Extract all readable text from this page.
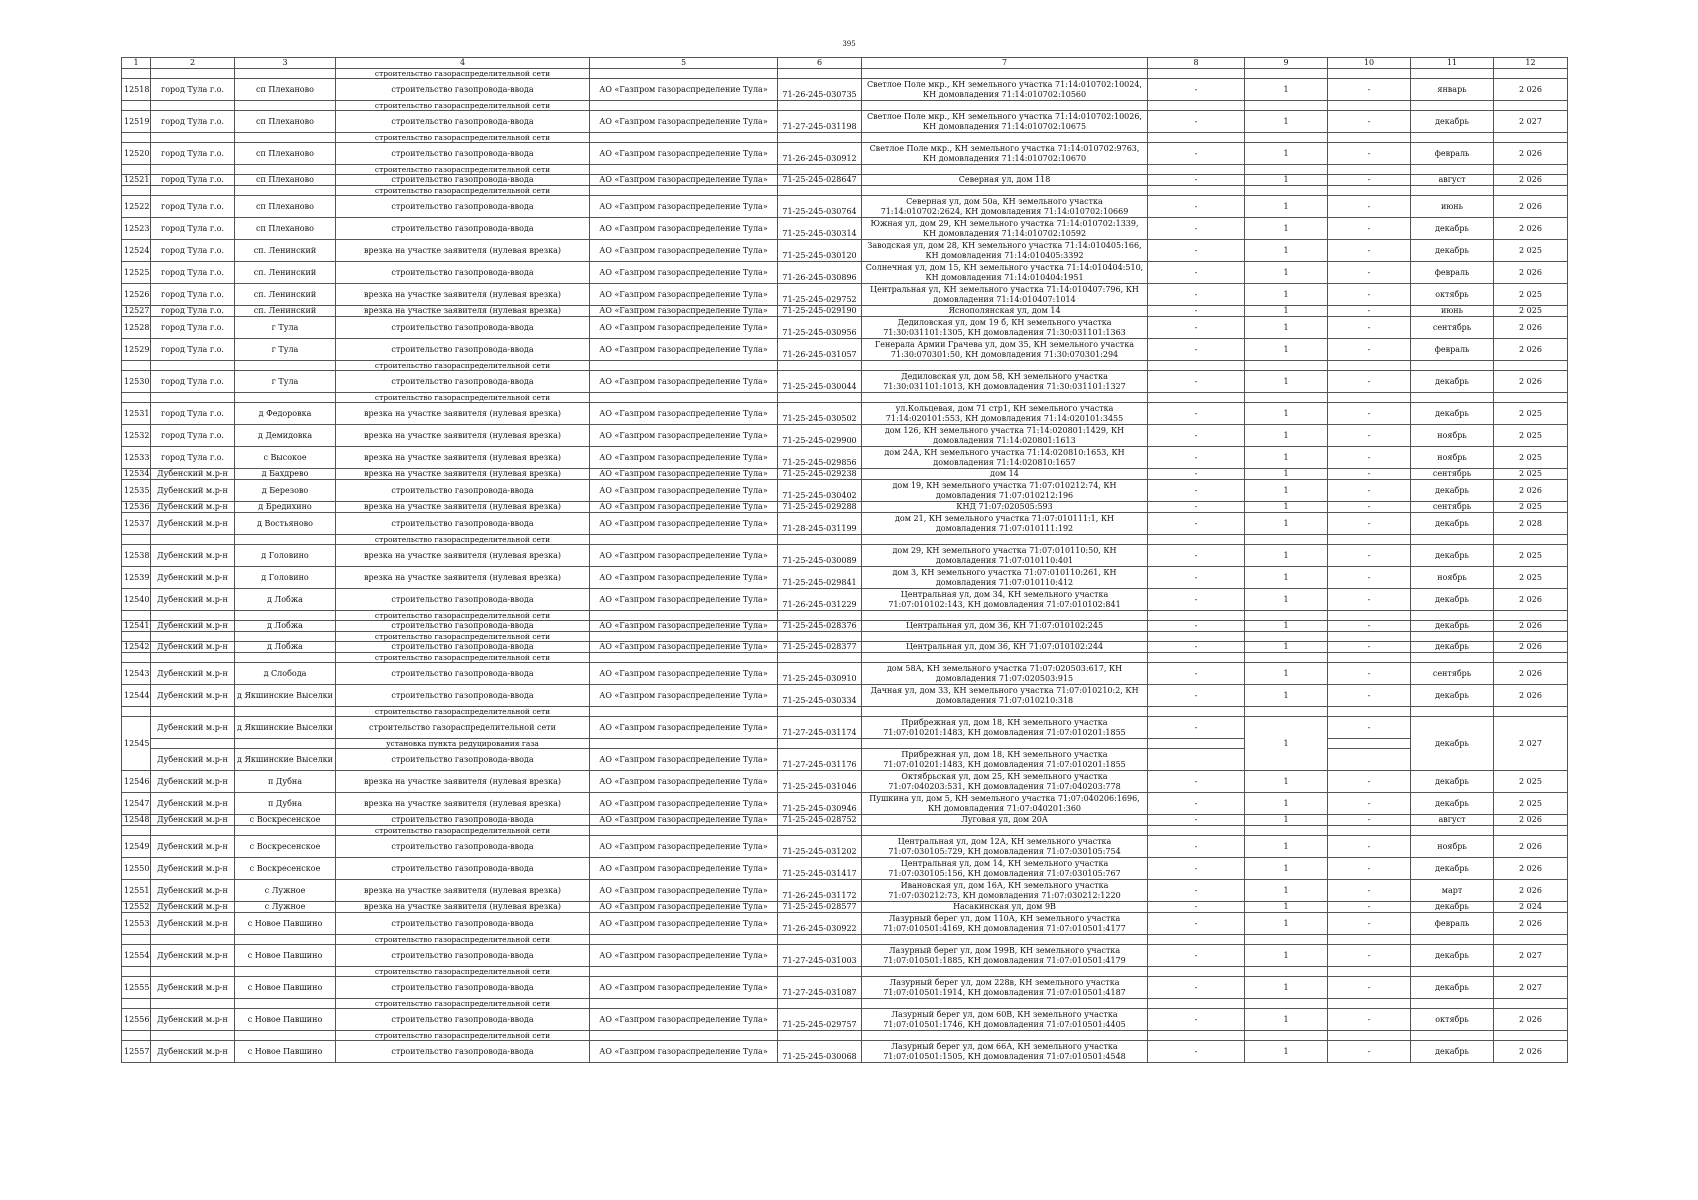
395
1	2	3	4	5	6	7	8	9	10	11	12
			строительство газораспределительной сети								
12518	город Тула г.о.	сп Плеханово	строительство газопровода-ввода	АО «Газпром газораспределение Тула»	71-26-245-030735	Светлое Поле мкр., КН земельного участка 71:14:010702:10024, КН домовладения 71:14:010702:10560	-	1	-	январь	2 026
			строительство газораспределительной сети								
12519	город Тула г.о.	сп Плеханово	строительство газопровода-ввода	АО «Газпром газораспределение Тула»	71-27-245-031198	Светлое Поле мкр., КН земельного участка 71:14:010702:10026, КН домовладения 71:14:010702:10675	-	1	-	декабрь	2 027
			строительство газораспределительной сети								
12520	город Тула г.о.	сп Плеханово	строительство газопровода-ввода	АО «Газпром газораспределение Тула»	71-26-245-030912	Светлое Поле мкр., КН земельного участка 71:14:010702:9763, КН домовладения 71:14:010702:10670	-	1	-	февраль	2 026
			строительство газораспределительной сети								
12521	город Тула г.о.	сп Плеханово	строительство газопровода-ввода	АО «Газпром газораспределение Тула»	71-25-245-028647	Северная ул, дом 118	-	1	-	август	2 026
			строительство газораспределительной сети								
12522	город Тула г.о.	сп Плеханово	строительство газопровода-ввода	АО «Газпром газораспределение Тула»	71-25-245-030764	Северная ул, дом 50а, КН земельного участка 71:14:010702:2624, КН домовладения 71:14:010702:10669	-	1	-	июнь	2 026
12523	город Тула г.о.	сп Плеханово	строительство газопровода-ввода	АО «Газпром газораспределение Тула»	71-25-245-030314	Южная ул, дом 29, КН земельного участка 71:14:010702:1339, КН домовладения 71:14:010702:10592	-	1	-	декабрь	2 026
12524	город Тула г.о.	сп. Ленинский	врезка на участке заявителя (нулевая врезка)	АО «Газпром газораспределение Тула»	71-25-245-030120	Заводская ул, дом 28, КН земельного участка 71:14:010405:166, КН домовладения 71:14:010405:3392	-	1	-	декабрь	2 025
12525	город Тула г.о.	сп. Ленинский	строительство газопровода-ввода	АО «Газпром газораспределение Тула»	71-26-245-030896	Солнечная ул, дом 15, КН земельного участка 71:14:010404:510, КН домовладения 71:14:010404:1951	-	1	-	февраль	2 026
12526	город Тула г.о.	сп. Ленинский	врезка на участке заявителя (нулевая врезка)	АО «Газпром газораспределение Тула»	71-25-245-029752	Центральная ул, КН земельного участка 71:14:010407:796, КН домовладения 71:14:010407:1014	-	1	-	октябрь	2 025
12527	город Тула г.о.	сп. Ленинский	врезка на участке заявителя (нулевая врезка)	АО «Газпром газораспределение Тула»	71-25-245-029190	Яснополянская ул, дом 14	-	1	-	июнь	2 025
12528	город Тула г.о.	г Тула	строительство газопровода-ввода	АО «Газпром газораспределение Тула»	71-25-245-030956	Дедиловская ул, дом 19 б, КН земельного участка 71:30:031101:1305, КН домовладения 71:30:031101:1363	-	1	-	сентябрь	2 026
12529	город Тула г.о.	г Тула	строительство газопровода-ввода	АО «Газпром газораспределение Тула»	71-26-245-031057	Генерала Армии Грачева ул, дом 35, КН земельного участка 71:30:070301:50, КН домовладения 71:30:070301:294	-	1	-	февраль	2 026
			строительство газораспределительной сети								
12530	город Тула г.о.	г Тула	строительство газопровода-ввода	АО «Газпром газораспределение Тула»	71-25-245-030044	Дедиловская ул, дом 58, КН земельного участка 71:30:031101:1013, КН домовладения 71:30:031101:1327	-	1	-	декабрь	2 026
			строительство газораспределительной сети								
12531	город Тула г.о.	д Федоровка	врезка на участке заявителя (нулевая врезка)	АО «Газпром газораспределение Тула»	71-25-245-030502	ул.Кольцевая, дом 71 стр1, КН земельного участка 71:14:020101:553, КН домовладения 71:14:020101:3455	-	1	-	декабрь	2 025
12532	город Тула г.о.	д Демидовка	врезка на участке заявителя (нулевая врезка)	АО «Газпром газораспределение Тула»	71-25-245-029900	дом 126, КН земельного участка 71:14:020801:1429, КН домовладения 71:14:020801:1613	-	1	-	ноябрь	2 025
12533	город Тула г.о.	с Высокое	врезка на участке заявителя (нулевая врезка)	АО «Газпром газораспределение Тула»	71-25-245-029856	дом 24А, КН земельного участка 71:14:020810:1653, КН домовладения 71:14:020810:1657	-	1	-	ноябрь	2 025
12534	Дубенский м.р-н	д Бахдрево	врезка на участке заявителя (нулевая врезка)	АО «Газпром газораспределение Тула»	71-25-245-029238	дом 14	-	1	-	сентябрь	2 025
12535	Дубенский м.р-н	д Березово	строительство газопровода-ввода	АО «Газпром газораспределение Тула»	71-25-245-030402	дом 19, КН земельного участка 71:07:010212:74, КН домовладения 71:07:010212:196	-	1	-	декабрь	2 026
12536	Дубенский м.р-н	д Бредихино	врезка на участке заявителя (нулевая врезка)	АО «Газпром газораспределение Тула»	71-25-245-029288	КНД 71:07:020505:593	-	1	-	сентябрь	2 025
12537	Дубенский м.р-н	д Востьяново	строительство газопровода-ввода	АО «Газпром газораспределение Тула»	71-28-245-031199	дом 21, КН земельного участка 71:07:010111:1, КН домовладения 71:07:010111:192	-	1	-	декабрь	2 028
			строительство газораспределительной сети								
12538	Дубенский м.р-н	д Головино	врезка на участке заявителя (нулевая врезка)	АО «Газпром газораспределение Тула»	71-25-245-030089	дом 29, КН земельного участка 71:07:010110:50, КН домовладения 71:07:010110:401	-	1	-	декабрь	2 025
12539	Дубенский м.р-н	д Головино	врезка на участке заявителя (нулевая врезка)	АО «Газпром газораспределение Тула»	71-25-245-029841	дом 3, КН земельного участка 71:07:010110:261, КН домовладения 71:07:010110:412	-	1	-	ноябрь	2 025
12540	Дубенский м.р-н	д Лобжа	строительство газопровода-ввода	АО «Газпром газораспределение Тула»	71-26-245-031229	Центральная ул, дом 34, КН земельного участка 71:07:010102:143, КН домовладения 71:07:010102:841	-	1	-	декабрь	2 026
			строительство газораспределительной сети								
12541	Дубенский м.р-н	д Лобжа	строительство газопровода-ввода	АО «Газпром газораспределение Тула»	71-25-245-028376	Центральная ул, дом 36, КН 71:07:010102:245	-	1	-	декабрь	2 026
			строительство газораспределительной сети								
12542	Дубенский м.р-н	д Лобжа	строительство газопровода-ввода	АО «Газпром газораспределение Тула»	71-25-245-028377	Центральная ул, дом 36, КН 71:07:010102:244	-	1	-	декабрь	2 026
			строительство газораспределительной сети								
12543	Дубенский м.р-н	д Слобода	строительство газопровода-ввода	АО «Газпром газораспределение Тула»	71-25-245-030910	дом 58А, КН земельного участка 71:07:020503:617, КН домовладения 71:07:020503:915	-	1	-	сентябрь	2 026
12544	Дубенский м.р-н	д Якшинские Выселки	строительство газопровода-ввода	АО «Газпром газораспределение Тула»	71-25-245-030334	Дачная ул, дом 33, КН земельного участка 71:07:010210:2, КН домовладения 71:07:010210:318	-	1	-	декабрь	2 026
			строительство газораспределительной сети								
12545	Дубенский м.р-н	д Якшинские Выселки	строительство газораспределительной сети	АО «Газпром газораспределение Тула»	71-27-245-031174	Прибрежная ул, дом 18, КН земельного участка 71:07:010201:1483, КН домовладения 71:07:010201:1855	-	1	-	декабрь	2 027
			установка пункта редуцирования газа								
	Дубенский м.р-н	д Якшинские Выселки	строительство газопровода-ввода	АО «Газпром газораспределение Тула»	71-27-245-031176	Прибрежная ул, дом 18, КН земельного участка 71:07:010201:1483, КН домовладения 71:07:010201:1855					
12546	Дубенский м.р-н	п Дубна	врезка на участке заявителя (нулевая врезка)	АО «Газпром газораспределение Тула»	71-25-245-031046	Октябрьская ул, дом 25, КН земельного участка 71:07:040203:531, КН домовладения 71:07:040203:778	-	1	-	декабрь	2 025
12547	Дубенский м.р-н	п Дубна	врезка на участке заявителя (нулевая врезка)	АО «Газпром газораспределение Тула»	71-25-245-030946	Пушкина ул, дом 5, КН земельного участка 71:07:040206:1696, КН домовладения 71:07:040201:360	-	1	-	декабрь	2 025
12548	Дубенский м.р-н	с Воскресенское	строительство газопровода-ввода	АО «Газпром газораспределение Тула»	71-25-245-028752	Луговая ул, дом 20А	-	1	-	август	2 026
			строительство газораспределительной сети								
12549	Дубенский м.р-н	с Воскресенское	строительство газопровода-ввода	АО «Газпром газораспределение Тула»	71-25-245-031202	Центральная ул, дом 12А, КН земельного участка 71:07:030105:729, КН домовладения 71:07:030105:754	-	1	-	ноябрь	2 026
12550	Дубенский м.р-н	с Воскресенское	строительство газопровода-ввода	АО «Газпром газораспределение Тула»	71-25-245-031417	Центральная ул, дом 14, КН земельного участка 71:07:030105:156, КН домовладения 71:07:030105:767	-	1	-	декабрь	2 026
12551	Дубенский м.р-н	с Лужное	врезка на участке заявителя (нулевая врезка)	АО «Газпром газораспределение Тула»	71-26-245-031172	Ивановская ул, дом 16А, КН земельного участка 71:07:030212:73, КН домовладения 71:07:030212:1220	-	1	-	март	2 026
12552	Дубенский м.р-н	с Лужное	врезка на участке заявителя (нулевая врезка)	АО «Газпром газораспределение Тула»	71-25-245-028577	Насакинская ул, дом 9В	-	1	-	декабрь	2 024
12553	Дубенский м.р-н	с Новое Павшино	строительство газопровода-ввода	АО «Газпром газораспределение Тула»	71-26-245-030922	Лазурный берег ул, дом 110А, КН земельного участка 71:07:010501:4169, КН домовладения 71:07:010501:4177	-	1	-	февраль	2 026
			строительство газораспределительной сети								
12554	Дубенский м.р-н	с Новое Павшино	строительство газопровода-ввода	АО «Газпром газораспределение Тула»	71-27-245-031003	Лазурный берег ул, дом 199В, КН земельного участка 71:07:010501:1885, КН домовладения 71:07:010501:4179	-	1	-	декабрь	2 027
			строительство газораспределительной сети								
12555	Дубенский м.р-н	с Новое Павшино	строительство газопровода-ввода	АО «Газпром газораспределение Тула»	71-27-245-031087	Лазурный берег ул, дом 228в, КН земельного участка 71:07:010501:1914, КН домовладения 71:07:010501:4187	-	1	-	декабрь	2 027
			строительство газораспределительной сети								
12556	Дубенский м.р-н	с Новое Павшино	строительство газопровода-ввода	АО «Газпром газораспределение Тула»	71-25-245-029757	Лазурный берег ул, дом 60В, КН земельного участка 71:07:010501:1746, КН домовладения 71:07:010501:4405	-	1	-	октябрь	2 026
			строительство газораспределительной сети								
12557	Дубенский м.р-н	с Новое Павшино	строительство газопровода-ввода	АО «Газпром газораспределение Тула»	71-25-245-030068	Лазурный берег ул, дом 66А, КН земельного участка 71:07:010501:1505, КН домовладения 71:07:010501:4548	-	1	-	декабрь	2 026
